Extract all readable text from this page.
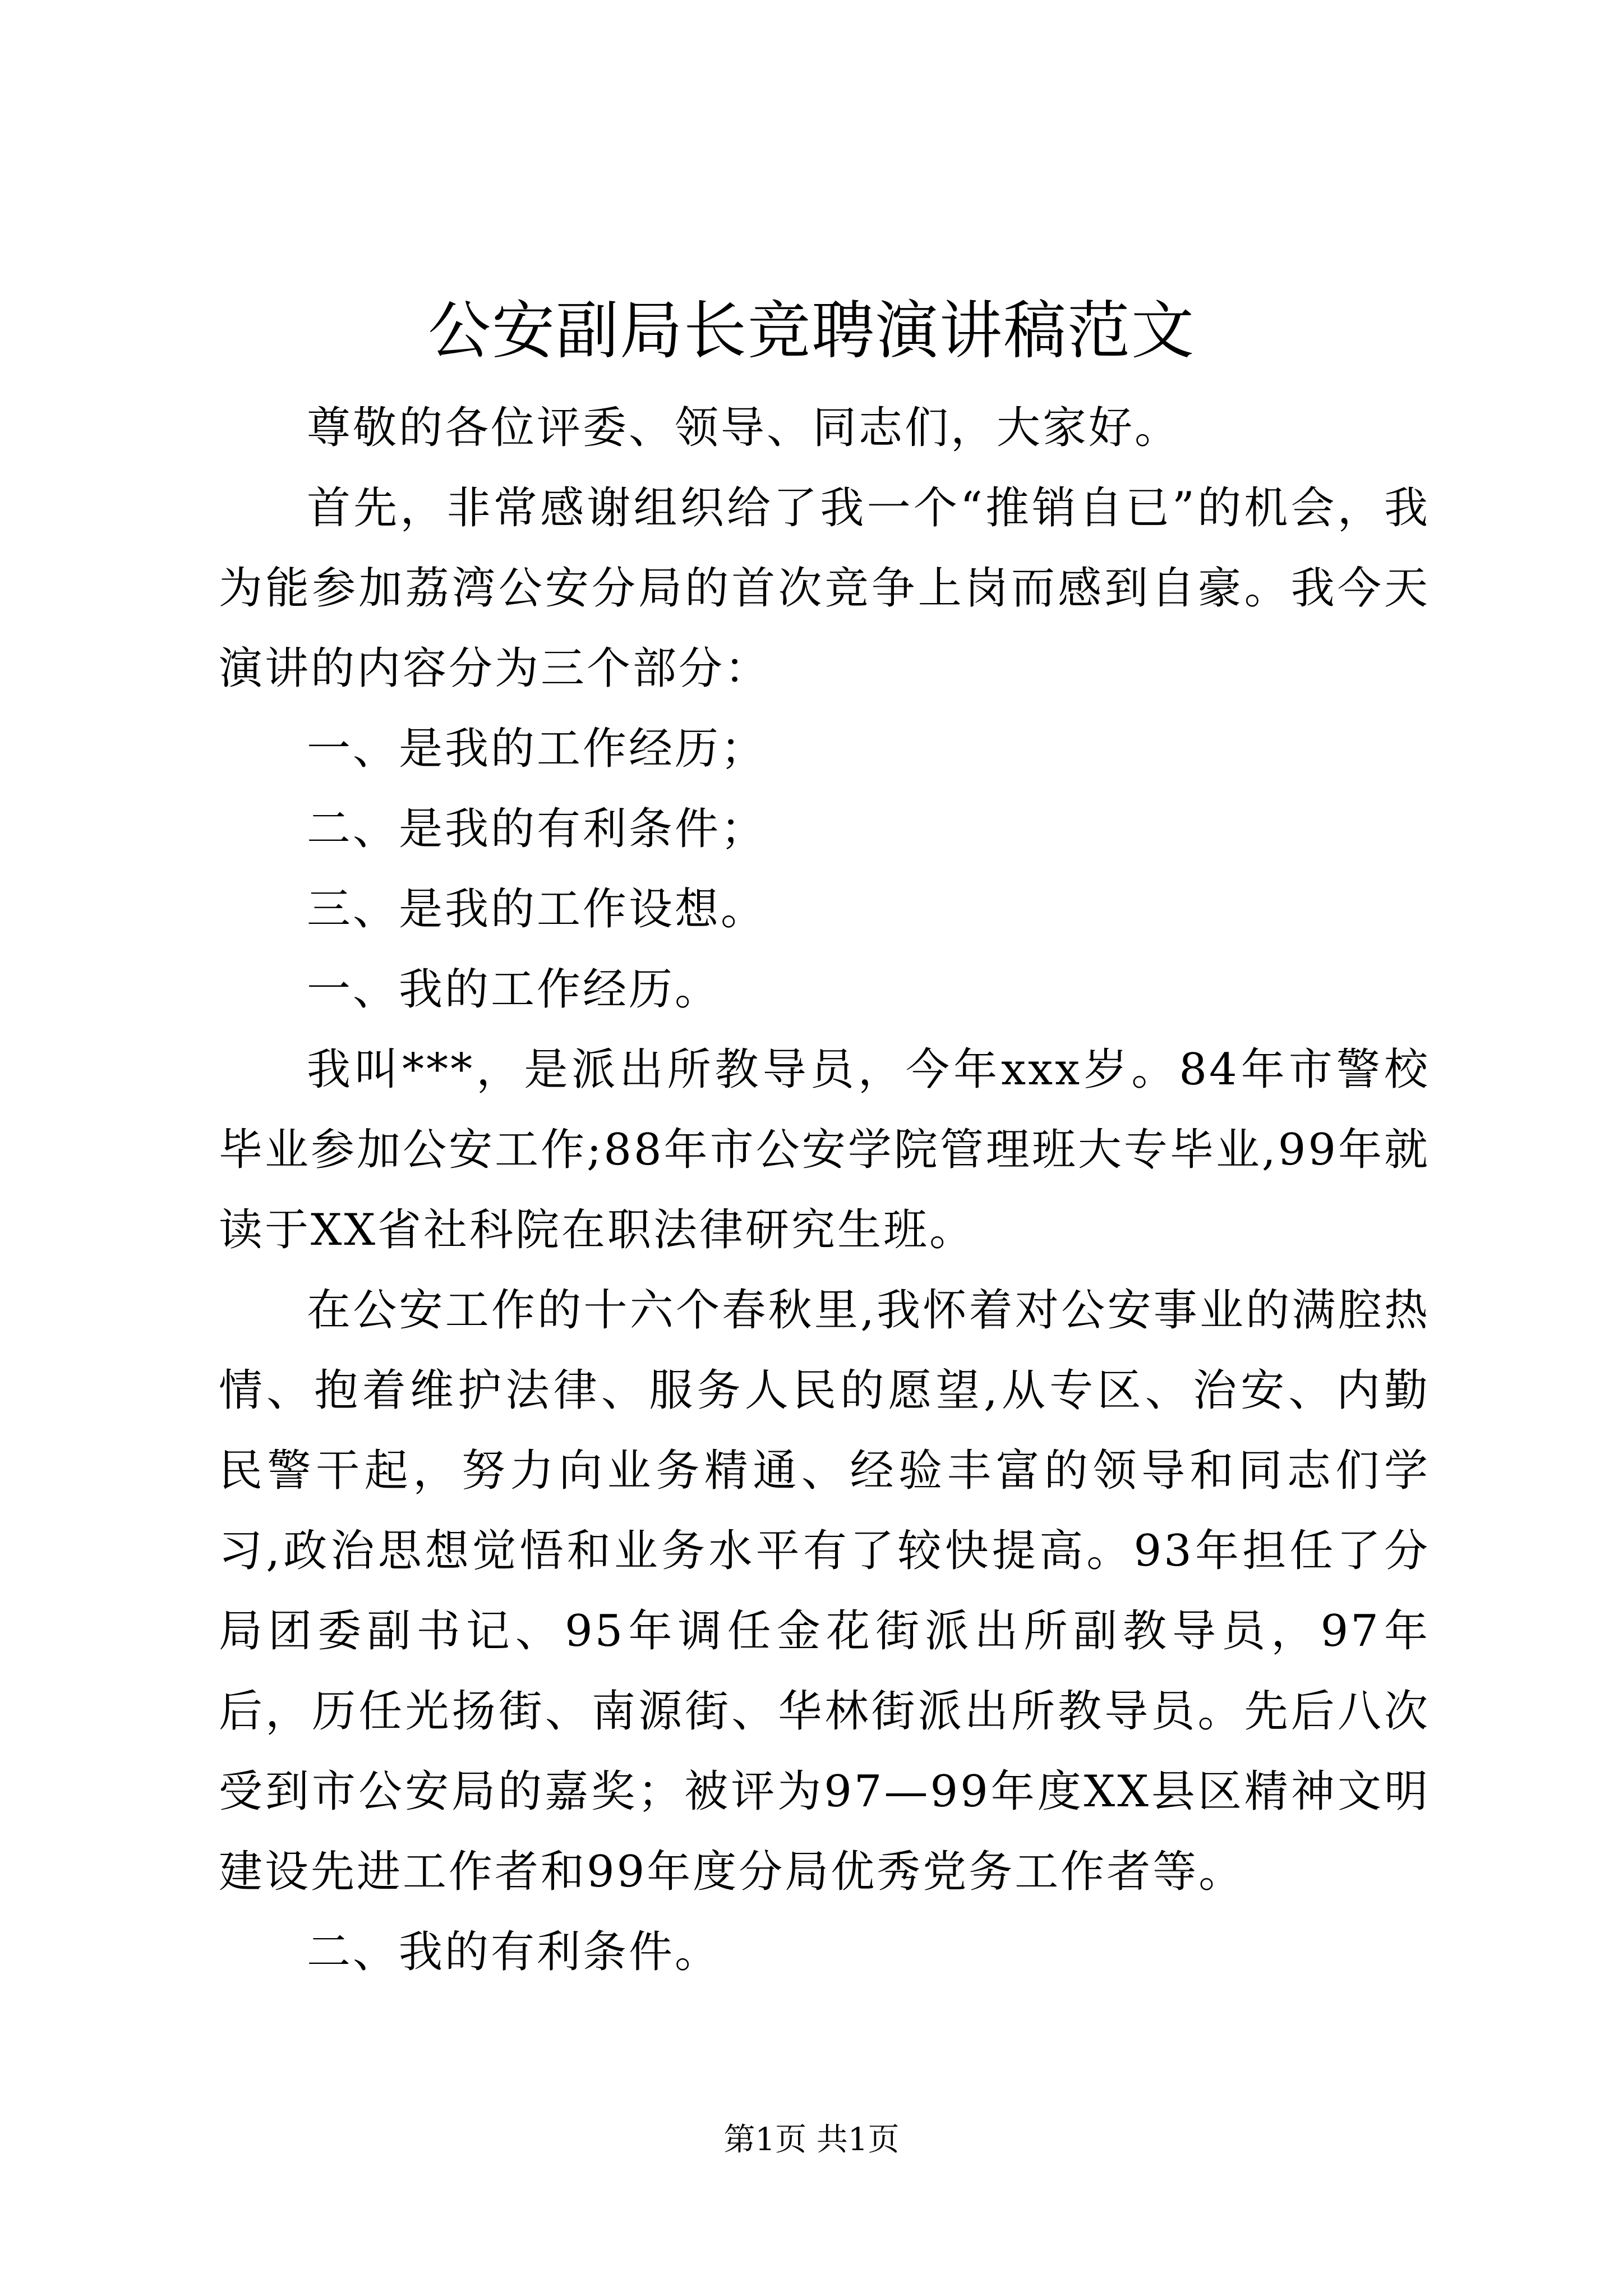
公安副局长竞聘演讲稿范文

尊敬的各位评委、领导、同志们，大家好。

首先，非常感谢组织给了我一个“推销自已”的机会，我为能参加荔湾公安分局的首次竞争上岗而感到自豪。我今天演讲的内容分为三个部分：

一、是我的工作经历；

二、是我的有利条件；

三、是我的工作设想。

一、我的工作经历。

我叫***，是派出所教导员，今年xxx岁。84年市警校毕业参加公安工作;88年市公安学院管理班大专毕业,99年就读于XX省社科院在职法律研究生班。

在公安工作的十六个春秋里,我怀着对公安事业的满腔热情、抱着维护法律、服务人民的愿望,从专区、治安、内勤民警干起，努力向业务精通、经验丰富的领导和同志们学习,政治思想觉悟和业务水平有了较快提高。93年担任了分局团委副书记、95年调任金花街派出所副教导员，97年后，历任光扬街、南源街、华林街派出所教导员。先后八次受到市公安局的嘉奖；被评为97—99年度XX县区精神文明建设先进工作者和99年度分局优秀党务工作者等。

二、我的有利条件。

第1页 共1页
